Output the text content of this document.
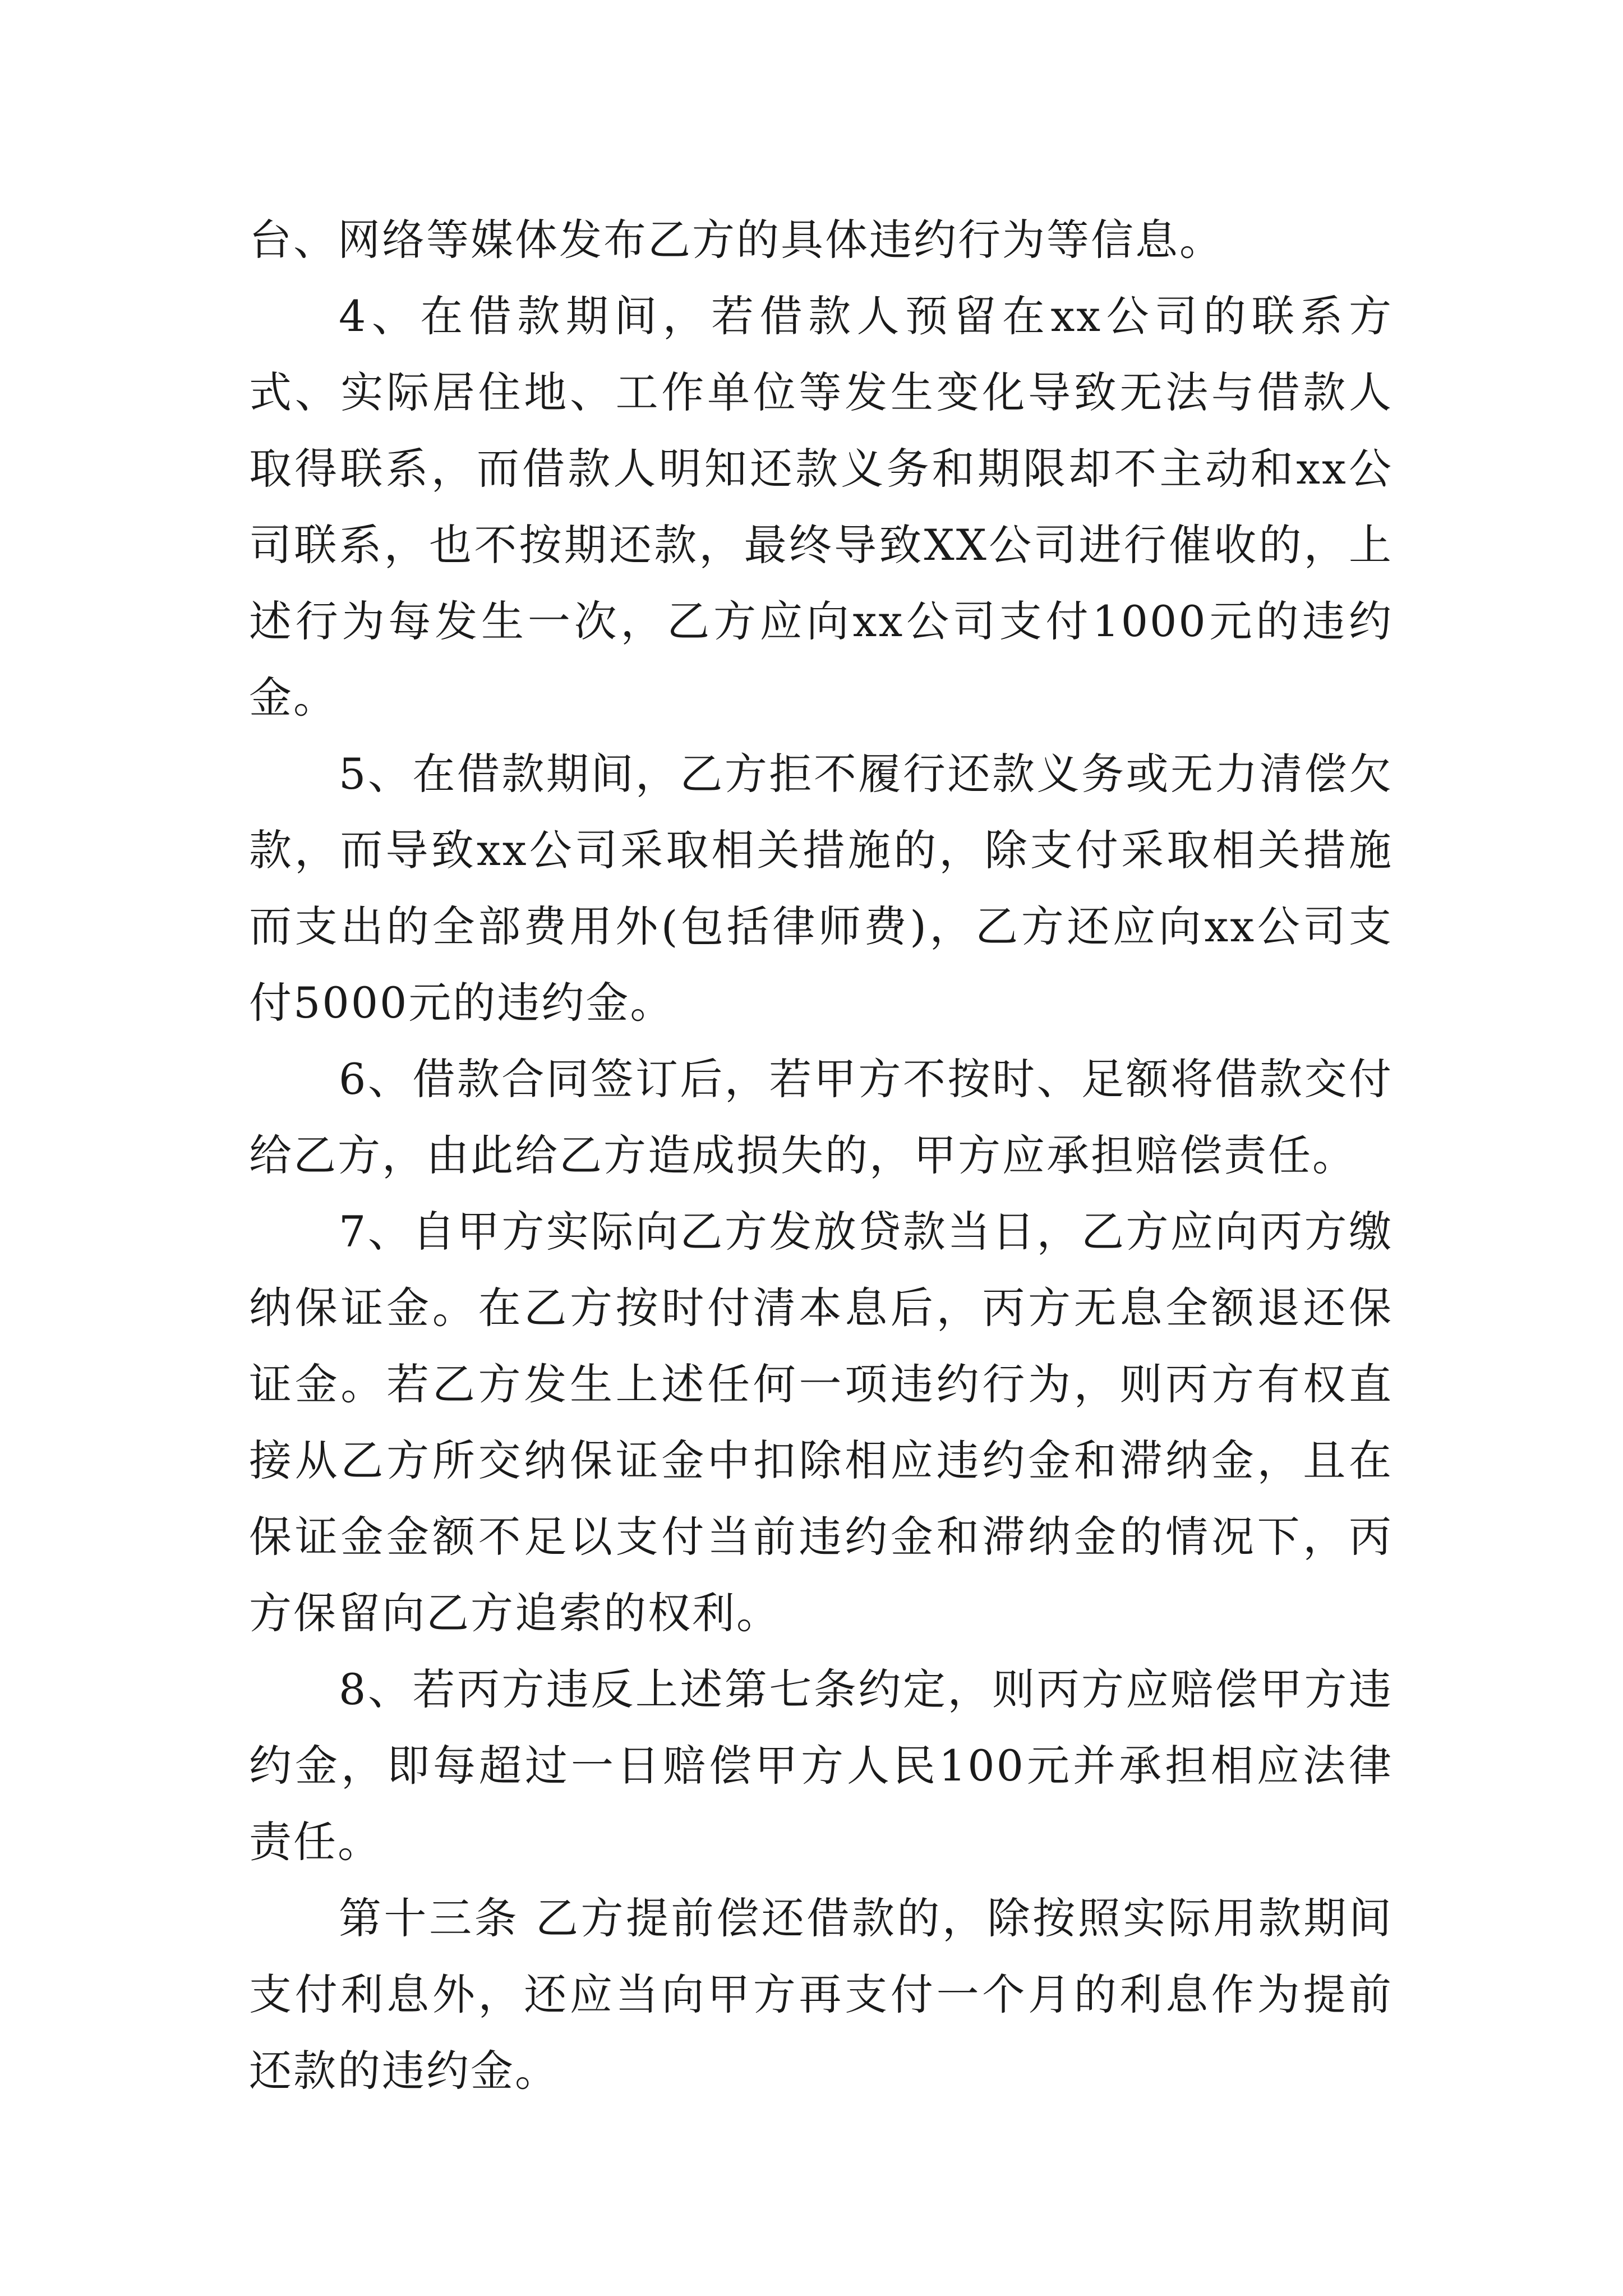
台、网络等媒体发布乙方的具体违约行为等信息。

4、在借款期间，若借款人预留在xx公司的联系方式、实际居住地、工作单位等发生变化导致无法与借款人取得联系，而借款人明知还款义务和期限却不主动和xx公司联系，也不按期还款，最终导致XX公司进行催收的，上述行为每发生一次，乙方应向xx公司支付1000元的违约金。

5、在借款期间，乙方拒不履行还款义务或无力清偿欠款，而导致xx公司采取相关措施的，除支付采取相关措施而支出的全部费用外(包括律师费)，乙方还应向xx公司支付5000元的违约金。

6、借款合同签订后，若甲方不按时、足额将借款交付给乙方，由此给乙方造成损失的，甲方应承担赔偿责任。

7、自甲方实际向乙方发放贷款当日，乙方应向丙方缴纳保证金。在乙方按时付清本息后，丙方无息全额退还保证金。若乙方发生上述任何一项违约行为，则丙方有权直接从乙方所交纳保证金中扣除相应违约金和滞纳金，且在保证金金额不足以支付当前违约金和滞纳金的情况下，丙方保留向乙方追索的权利。

8、若丙方违反上述第七条约定，则丙方应赔偿甲方违约金，即每超过一日赔偿甲方人民100元并承担相应法律责任。

第十三条 乙方提前偿还借款的，除按照实际用款期间支付利息外，还应当向甲方再支付一个月的利息作为提前还款的违约金。
